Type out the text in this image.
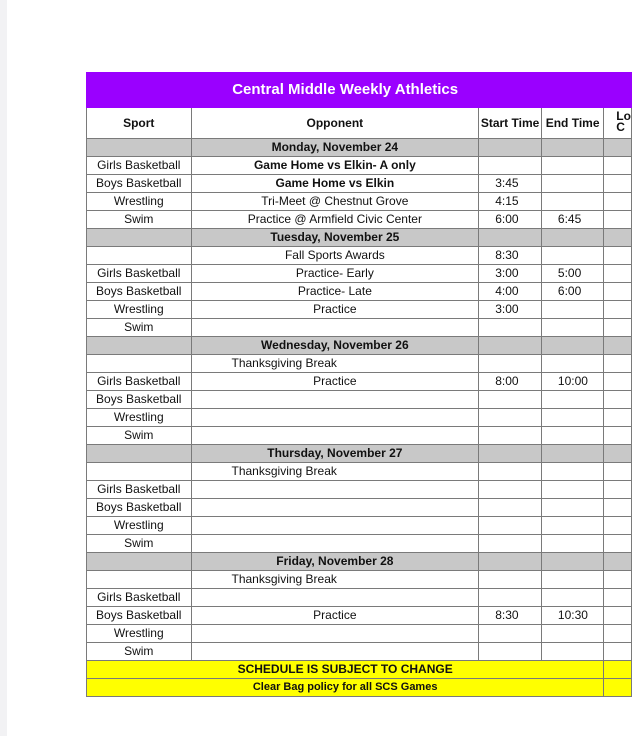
Central Middle Weekly Athletics				
Sport	Opponent	Start Time	End Time	Lo
C
	Monday, November 24			
Girls Basketball	Game Home vs Elkin- A only			
Boys Basketball	Game Home vs Elkin	3:45		
Wrestling	Tri-Meet @ Chestnut Grove	4:15		
Swim	Practice @ Armfield Civic Center	6:00	6:45	
	Tuesday, November 25			
	Fall Sports Awards	8:30		
Girls Basketball	Practice- Early	3:00	5:00	
Boys Basketball	Practice- Late	4:00	6:00	
Wrestling	Practice	3:00		
Swim				
	Wednesday, November 26			
	Thanksgiving Break			
Girls Basketball	Practice	8:00	10:00	
Boys Basketball				
Wrestling				
Swim				
	Thursday, November 27			
	Thanksgiving Break			
Girls Basketball				
Boys Basketball				
Wrestling				
Swim				
	Friday, November 28			
	Thanksgiving Break			
Girls Basketball				
Boys Basketball	Practice	8:30	10:30	
Wrestling				
Swim				
SCHEDULE IS SUBJECT TO CHANGE				
Clear Bag policy for all SCS Games				
